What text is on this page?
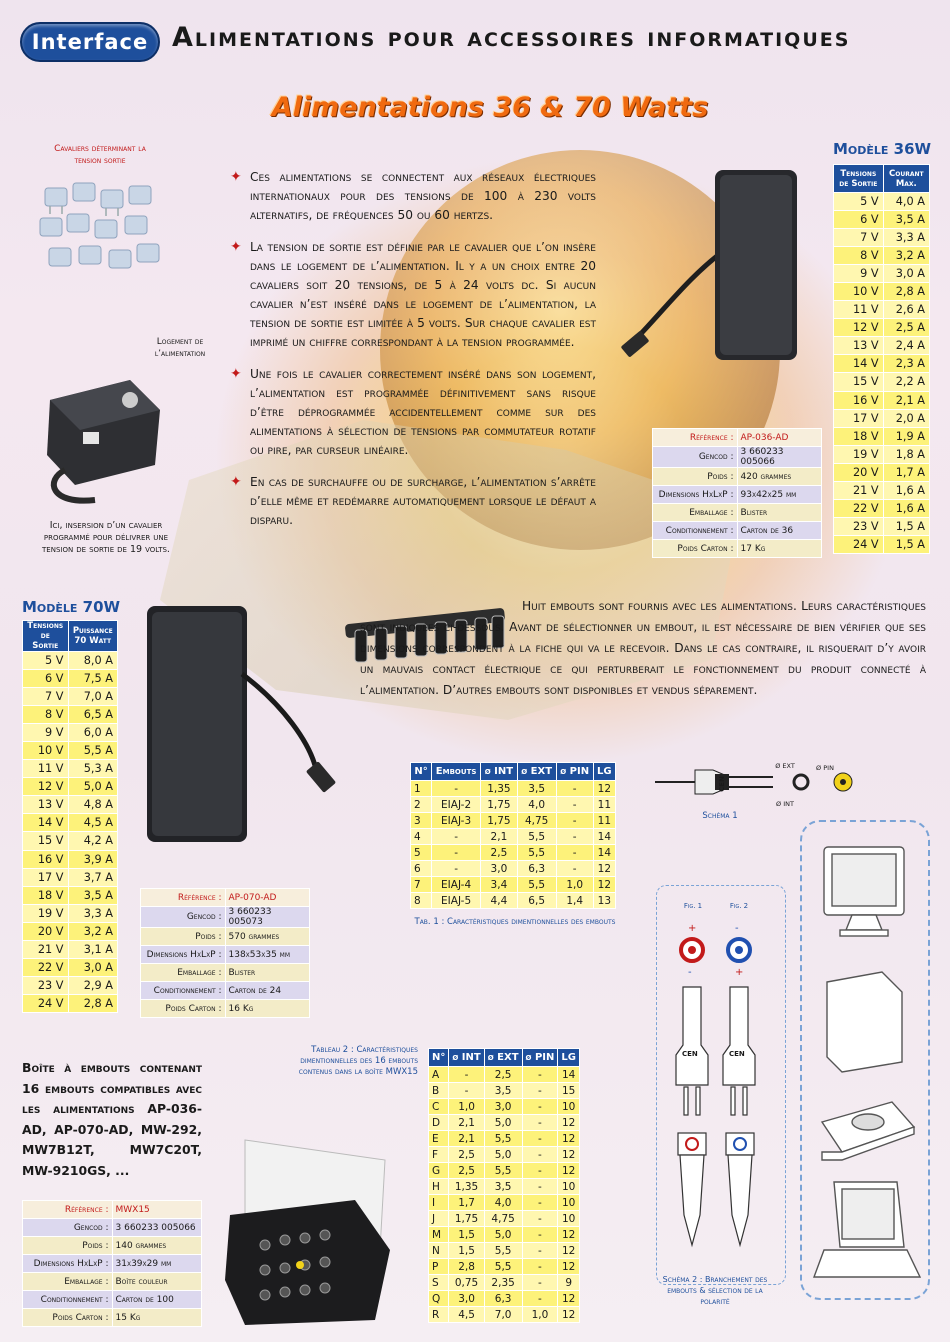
Interface Alimentations pour accessoires informatiques
Alimentations 36 & 70 Watts
Cavaliers déterminant la tension sortie
Logement de l’alimentation
Ici, insersion d’un cavalier programmé pour délivrer une tension de sortie de 19 volts.
✦ Ces alimentations se connectent aux réseaux électriques internationaux pour des tensions de 100 à 230 volts alternatifs, de fréquences 50 ou 60 hertzs.

✦ La tension de sortie est définie par le cavalier que l’on insère dans le logement de l’alimentation. Il y a un choix entre 20 cavaliers soit 20 tensions, de 5 à 24 volts dc. Si aucun cavalier n’est inséré dans le logement de l’alimentation, la tension de sortie est limitée à 5 volts. Sur chaque cavalier est imprimé un chiffre correspondant à la tension programmée.

✦ Une fois le cavalier correctement inséré dans son logement, l’alimentation est programmée définitivement sans risque d’être déprogrammée accidentellement comme sur des alimentations à sélection de tensions par commutateur rotatif ou pire, par curseur linéaire.

✦ En cas de surchauffe ou de surcharge, l’alimentation s’arrête d’elle même et redémarre automatiquement lorsque le défaut a disparu.

Modèle 36W
Tensions de Sortie	Courant Max.
5 V	4,0 A
6 V	3,5 A
7 V	3,3 A
8 V	3,2 A
9 V	3,0 A
10 V	2,8 A
11 V	2,6 A
12 V	2,5 A
13 V	2,4 A
14 V	2,3 A
15 V	2,2 A
16 V	2,1 A
17 V	2,0 A
18 V	1,9 A
19 V	1,8 A
20 V	1,7 A
21 V	1,6 A
22 V	1,6 A
23 V	1,5 A
24 V	1,5 A
Référence :	AP-036-AD
Gencod :	3 660233 005066
Poids :	420 grammes
Dimensions HxLxP :	93x42x25 mm
Emballage :	Blister
Conditionnement :	Carton de 36
Poids Carton :	17 Kg
Modèle 70W
Tensions de Sortie	Puissance 70 Watt
5 V	8,0 A
6 V	7,5 A
7 V	7,0 A
8 V	6,5 A
9 V	6,0 A
10 V	5,5 A
11 V	5,3 A
12 V	5,0 A
13 V	4,8 A
14 V	4,5 A
15 V	4,2 A
16 V	3,9 A
17 V	3,7 A
18 V	3,5 A
19 V	3,3 A
20 V	3,2 A
21 V	3,1 A
22 V	3,0 A
23 V	2,9 A
24 V	2,8 A
Huit embouts sont fournis avec les alimentations. Leurs caractéristiques sont indiquées ci-dessous. Avant de sélectionner un embout, il est nécessaire de bien vérifier que ses dimensions correspondent à la fiche qui va le recevoir. Dans le cas contraire, il risquerait d’y avoir un mauvais contact électrique ce qui perturberait le fonctionnement du produit connecté à l’alimentation. D’autres embouts sont disponibles et vendus séparement.
Référence :	AP-070-AD
Gencod :	3 660233 005073
Poids :	570 grammes
Dimensions HxLxP :	138x53x35 mm
Emballage :	Blister
Conditionnement :	Carton de 24
Poids Carton :	16 Kg
N°	Embouts	ø INT	ø EXT	ø PIN	LG
1	-	1,35	3,5	-	12
2	EIAJ-2	1,75	4,0	-	11
3	EIAJ-3	1,75	4,75	-	11
4	-	2,1	5,5	-	14
5	-	2,5	5,5	-	14
6	-	3,0	6,3	-	12
7	EIAJ-4	3,4	5,5	1,0	12
8	EIAJ-5	4,4	6,5	1,4	13
Tab. 1 : Caractéristiques dimentionnelles des embouts
CEN
Ø EXT	Ø PIN
Ø INT
Schéma 1
Fig. 1	Fig. 2
+
-
-
+
CEN	CEN
Schéma 2 : Branchement des embouts & sélection de la polarité
Boîte à embouts contenant 16 embouts compatibles avec les alimentations AP-036-AD, AP-070-AD, MW-292, MW7B12T, MW7C20T, MW-9210GS, ...
Référence :	MWX15
Gencod :	3 660233 005066
Poids :	140 grammes
Dimensions HxLxP :	31x39x29 mm
Emballage :	Boîte couleur
Conditionnement :	Carton de 100
Poids Carton :	15 Kg
Tableau 2 : Caractéristiques dimentionnelles des 16 embouts contenus dans la boîte MWX15
N°	ø INT	ø EXT	ø PIN	LG
A	-	2,5	-	14
B	-	3,5	-	15
C	1,0	3,0	-	10
D	2,1	5,0	-	12
E	2,1	5,5	-	12
F	2,5	5,0	-	12
G	2,5	5,5	-	12
H	1,35	3,5	-	10
I	1,7	4,0	-	10
J	1,75	4,75	-	10
M	1,5	5,0	-	12
N	1,5	5,5	-	12
P	2,8	5,5	-	12
S	0,75	2,35	-	9
Q	3,0	6,3	-	12
R	4,5	7,0	1,0	12
